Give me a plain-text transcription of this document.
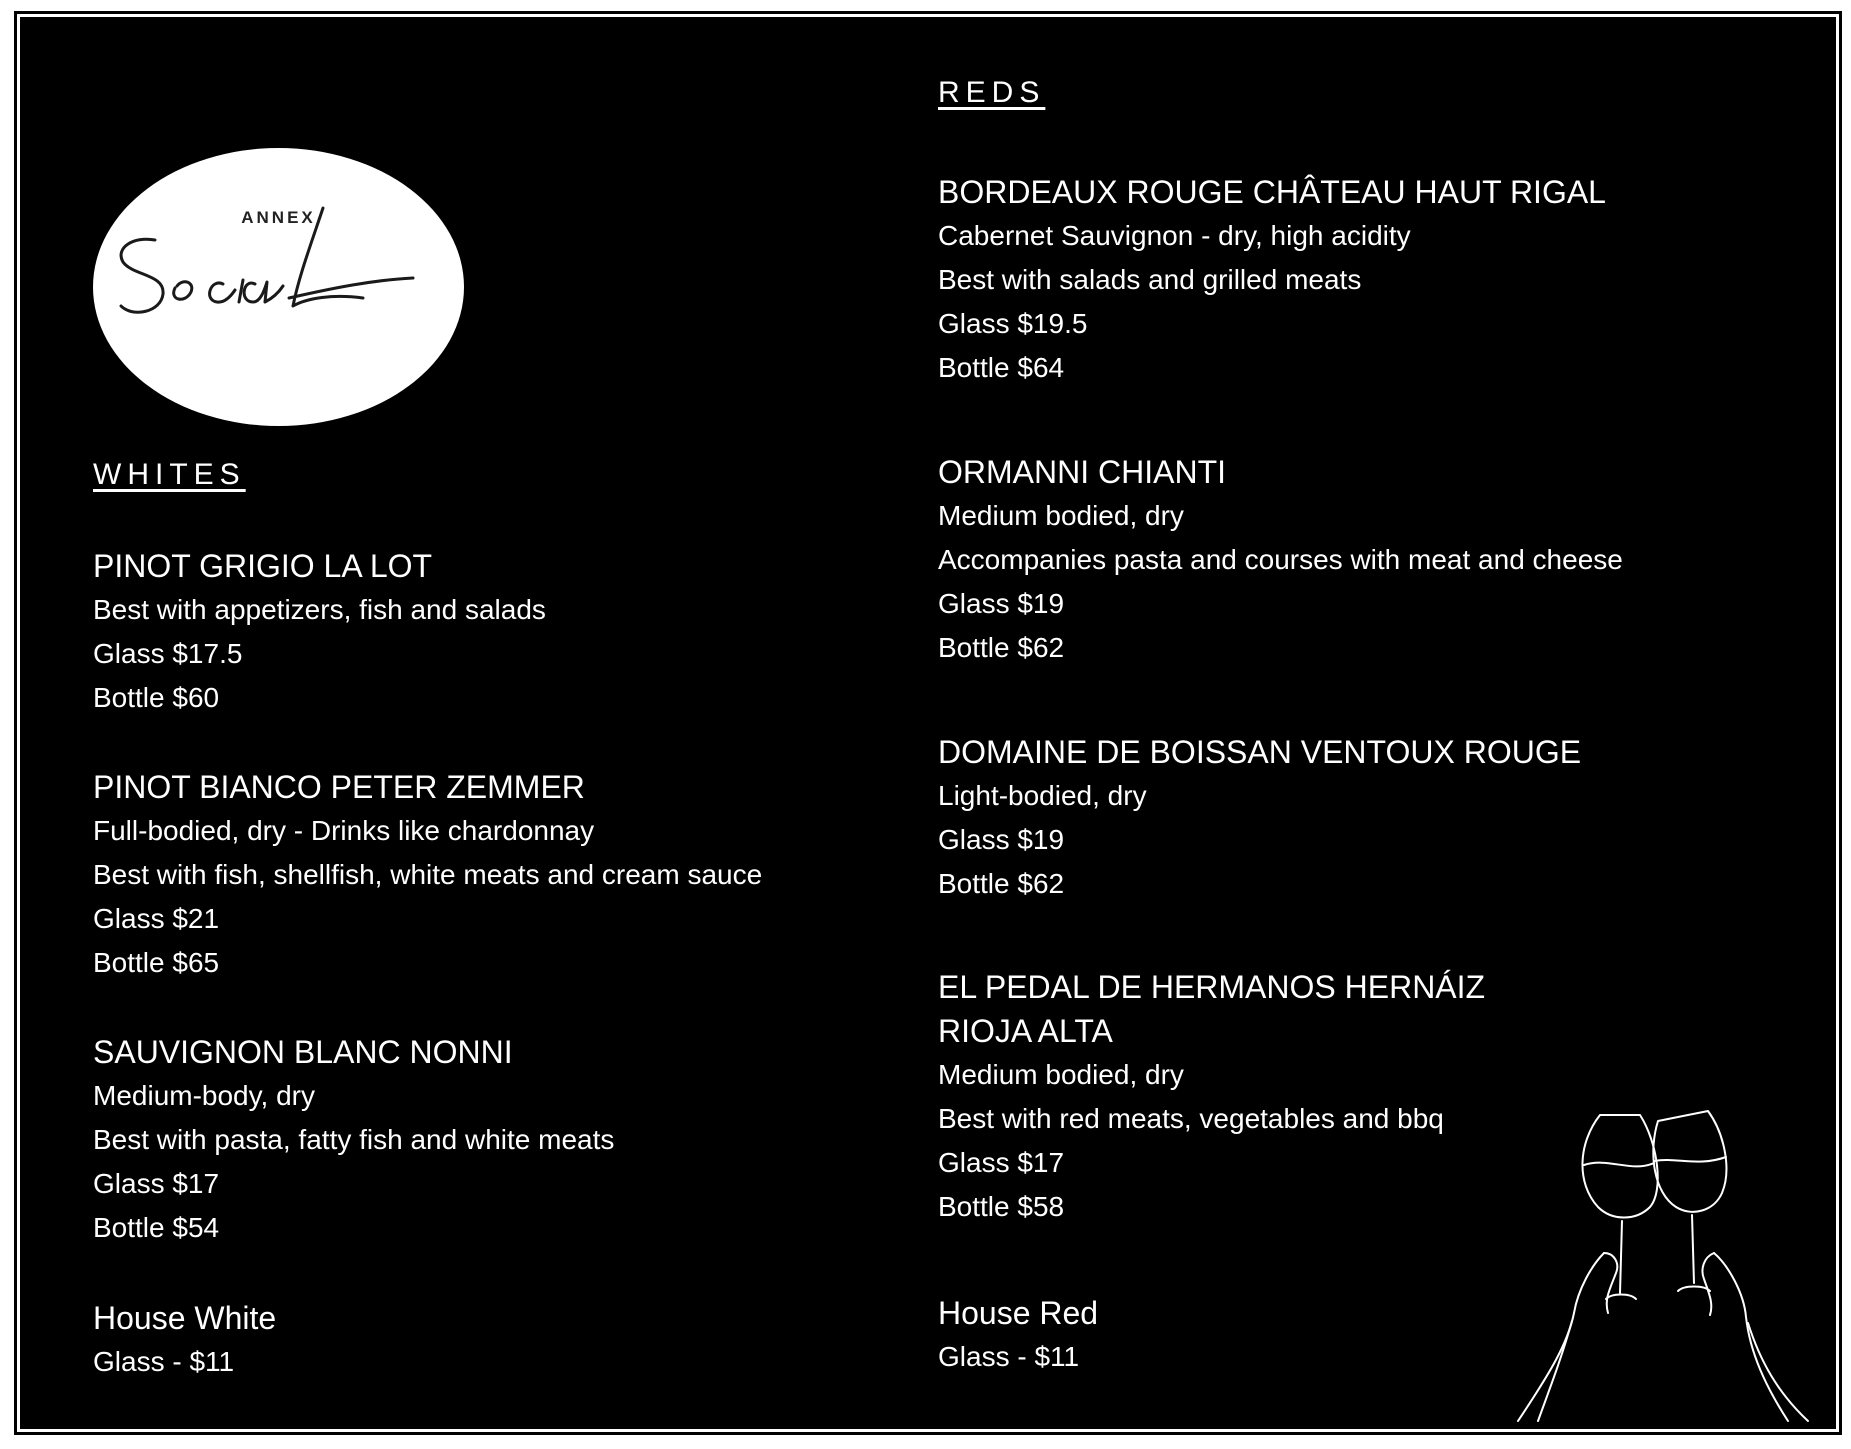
ANNEX
WHITES
PINOT GRIGIO LA LOT
Best with appetizers, fish and salads
Glass $17.5
Bottle $60
PINOT BIANCO PETER ZEMMER
Full-bodied, dry - Drinks like chardonnay
Best with fish, shellfish, white meats and cream sauce
Glass $21
Bottle $65
SAUVIGNON BLANC NONNI
Medium-body, dry
Best with pasta, fatty fish and white meats
Glass $17
Bottle $54
House White
Glass - $11
REDS
BORDEAUX ROUGE CHÂTEAU HAUT RIGAL
Cabernet Sauvignon - dry, high acidity
Best with salads and grilled meats
Glass $19.5
Bottle $64
ORMANNI CHIANTI
Medium bodied, dry
Accompanies pasta and courses with meat and cheese
Glass $19
Bottle $62
DOMAINE DE BOISSAN VENTOUX ROUGE
Light-bodied, dry
Glass $19
Bottle $62
EL PEDAL DE HERMANOS HERNÁIZ
RIOJA ALTA
Medium bodied, dry
Best with red meats, vegetables and bbq
Glass $17
Bottle $58
House Red
Glass - $11
